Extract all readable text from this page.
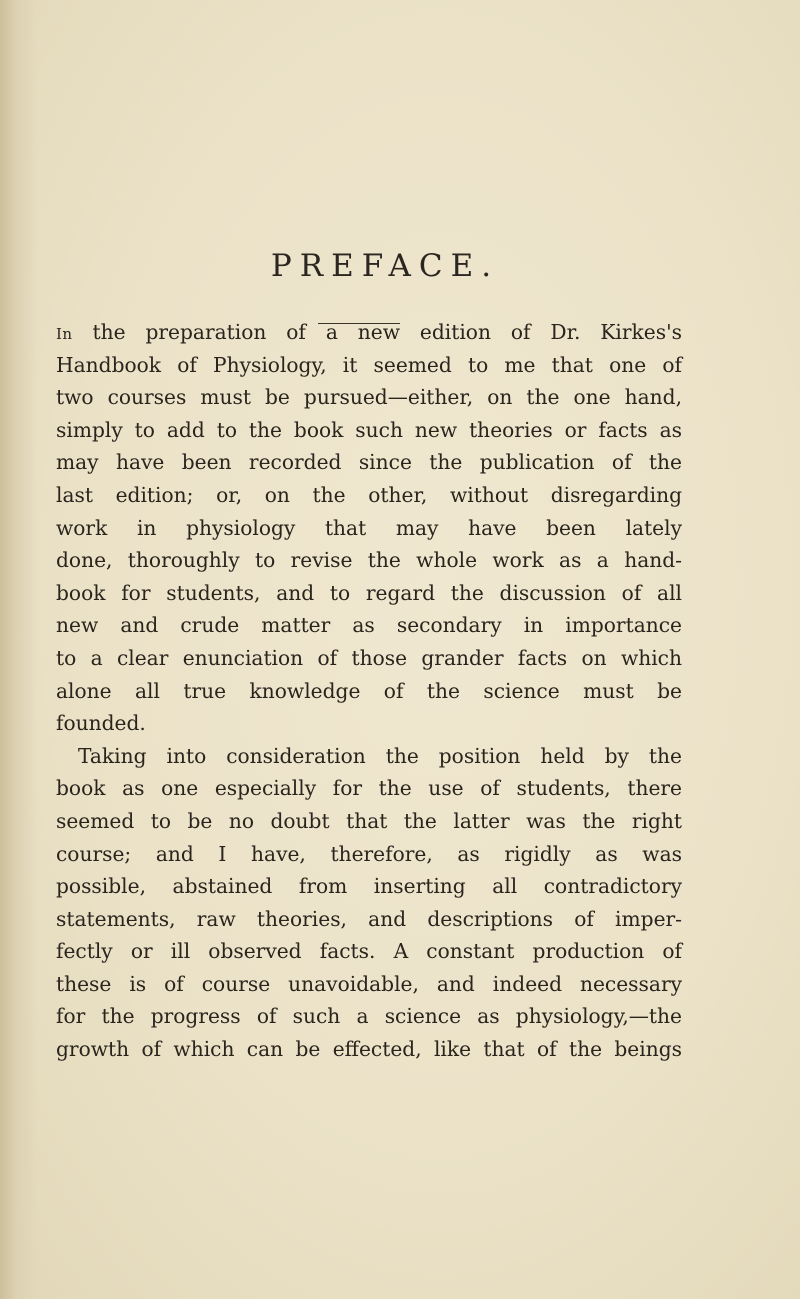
PREFACE.
In the preparation of a new edition of Dr. Kirkes's
Handbook of Physiology, it seemed to me that one of
two courses must be pursued—either, on the one hand,
simply to add to the book such new theories or facts as
may have been recorded since the publication of the
last edition; or, on the other, without disregarding
work in physiology that may have been lately
done, thoroughly to revise the whole work as a hand-
book for students, and to regard the discussion of all
new and crude matter as secondary in importance
to a clear enunciation of those grander facts on which
alone all true knowledge of the science must be
founded.
Taking into consideration the position held by the
book as one especially for the use of students, there
seemed to be no doubt that the latter was the right
course; and I have, therefore, as rigidly as was
possible, abstained from inserting all contradictory
statements, raw theories, and descriptions of imper-
fectly or ill observed facts. A constant production of
these is of course unavoidable, and indeed necessary
for the progress of such a science as physiology,—the
growth of which can be effected, like that of the beings
